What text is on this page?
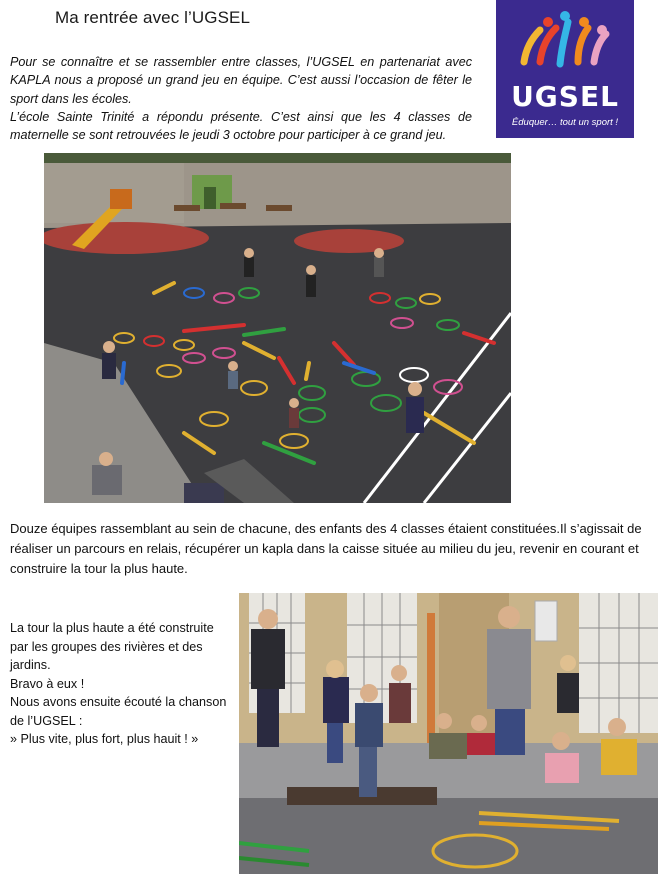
Ma rentrée avec l’UGSEL
UGSEL
Éduquer… tout un sport !

Pour se connaître et se rassembler entre classes, l’UGSEL en partenariat avec KAPLA nous a proposé un grand jeu en équipe. C’est aussi l’occasion de fêter le sport dans les écoles.

L’école Sainte Trinité a répondu présente. C’est ainsi que les 4 classes de maternelle se sont retrouvées le jeudi 3 octobre pour participer à ce grand jeu.

Douze équipes rassemblant au sein de chacune, des enfants des 4 classes étaient constituées.Il s’agissait de réaliser un parcours en relais, récupérer un kapla dans la caisse située au milieu du jeu, revenir en courant et construire la tour la plus haute.

La tour la plus haute a été construite par les groupes des rivières et des jardins.

Bravo à eux !

Nous avons ensuite écouté la chanson de l’UGSEL :

» Plus vite, plus fort, plus hauit ! »
